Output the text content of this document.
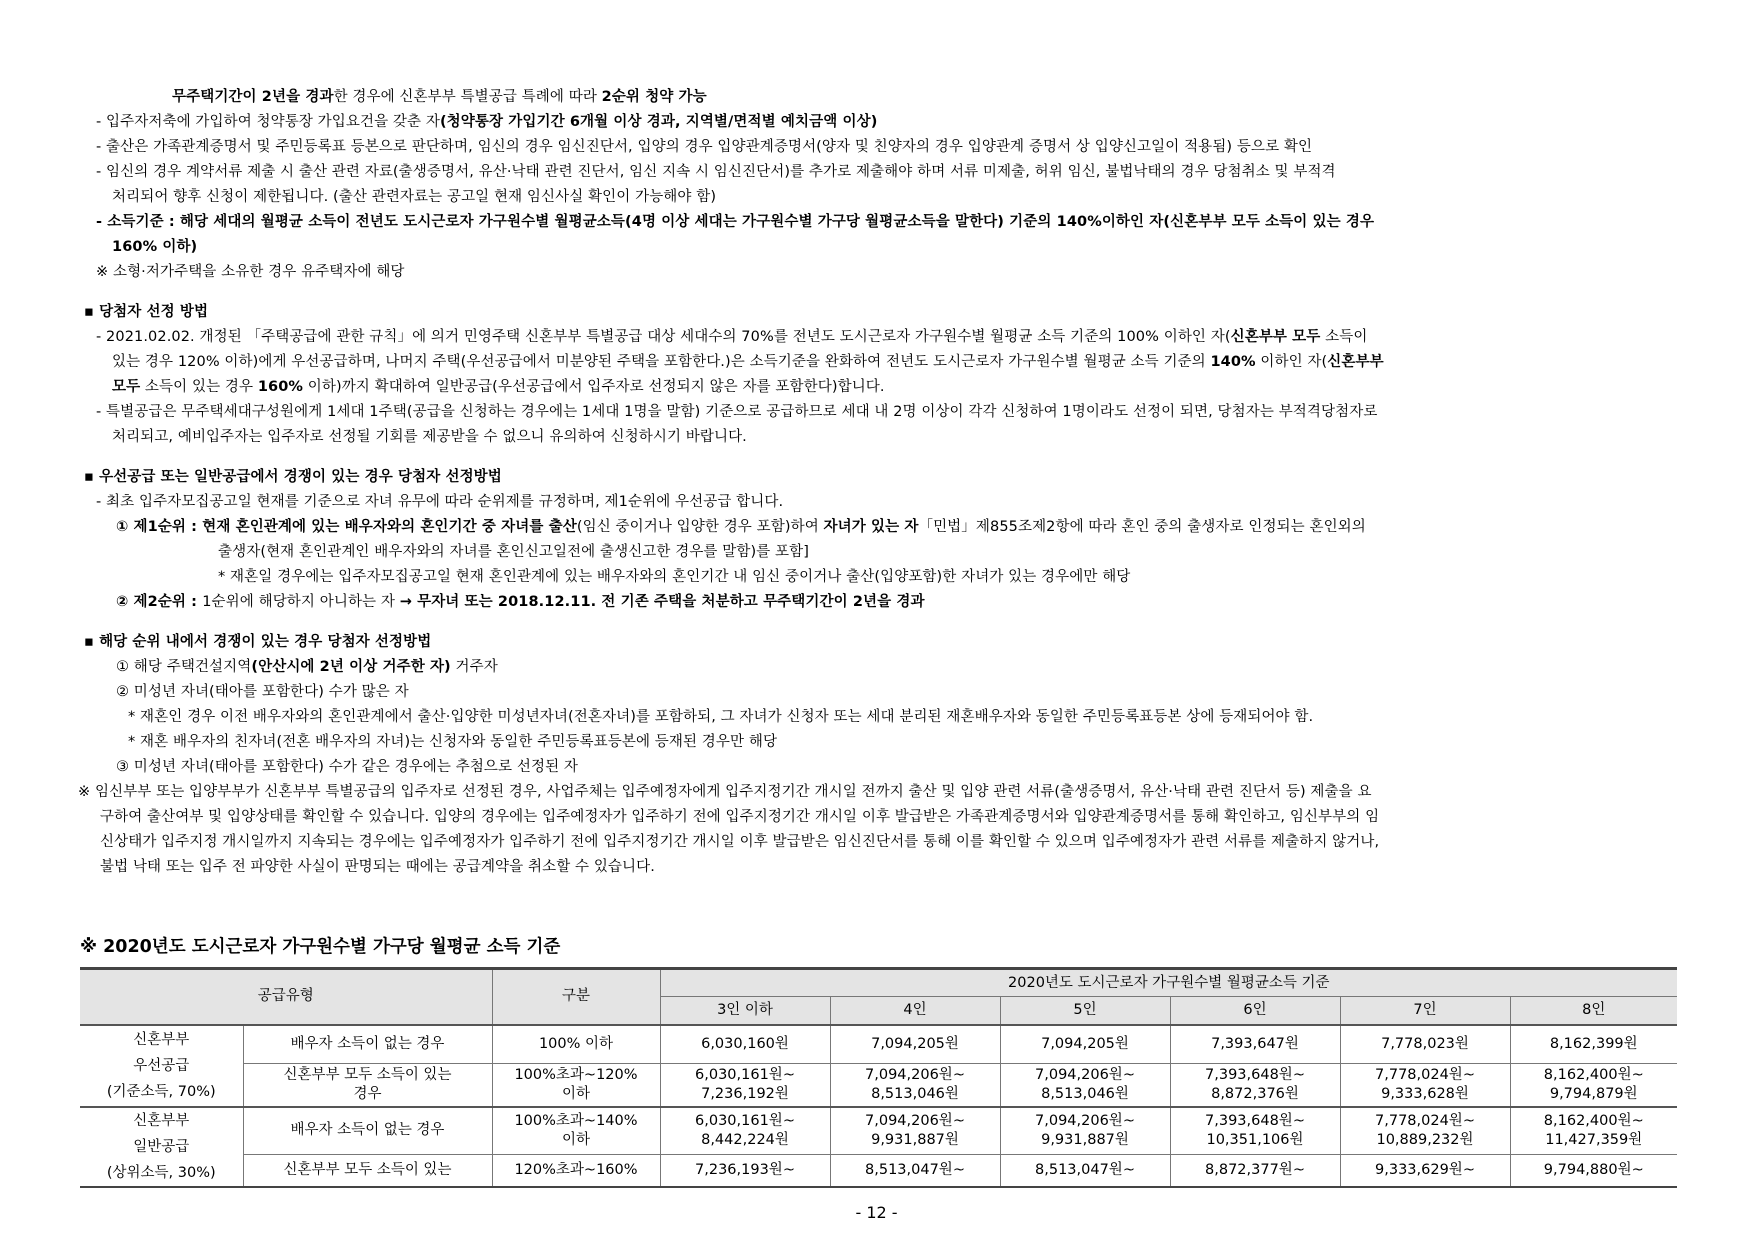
무주택기간이 2년을 경과한 경우에 신혼부부 특별공급 특례에 따라 2순위 청약 가능
- 입주자저축에 가입하여 청약통장 가입요건을 갖춘 자(청약통장 가입기간 6개월 이상 경과, 지역별/면적별 예치금액 이상)
- 출산은 가족관계증명서 및 주민등록표 등본으로 판단하며, 임신의 경우 임신진단서, 입양의 경우 입양관계증명서(양자 및 친양자의 경우 입양관계 증명서 상 입양신고일이 적용됨) 등으로 확인
- 임신의 경우 계약서류 제출 시 출산 관련 자료(출생증명서, 유산·낙태 관련 진단서, 임신 지속 시 임신진단서)를 추가로 제출해야 하며 서류 미제출, 허위 임신, 불법낙태의 경우 당첨취소 및 부적격
처리되어 향후 신청이 제한됩니다. (출산 관련자료는 공고일 현재 임신사실 확인이 가능해야 함)
- 소득기준 : 해당 세대의 월평균 소득이 전년도 도시근로자 가구원수별 월평균소득(4명 이상 세대는 가구원수별 가구당 월평균소득을 말한다) 기준의 140%이하인 자(신혼부부 모두 소득이 있는 경우
160% 이하)
※ 소형·저가주택을 소유한 경우 유주택자에 해당
▪ 당첨자 선정 방법
- 2021.02.02. 개정된 「주택공급에 관한 규칙」에 의거 민영주택 신혼부부 특별공급 대상 세대수의 70%를 전년도 도시근로자 가구원수별 월평균 소득 기준의 100% 이하인 자(신혼부부 모두 소득이
있는 경우 120% 이하)에게 우선공급하며, 나머지 주택(우선공급에서 미분양된 주택을 포함한다.)은 소득기준을 완화하여 전년도 도시근로자 가구원수별 월평균 소득 기준의 140% 이하인 자(신혼부부
모두 소득이 있는 경우 160% 이하)까지 확대하여 일반공급(우선공급에서 입주자로 선정되지 않은 자를 포함한다)합니다.
- 특별공급은 무주택세대구성원에게 1세대 1주택(공급을 신청하는 경우에는 1세대 1명을 말함) 기준으로 공급하므로 세대 내 2명 이상이 각각 신청하여 1명이라도 선정이 되면, 당첨자는 부적격당첨자로
처리되고, 예비입주자는 입주자로 선정될 기회를 제공받을 수 없으니 유의하여 신청하시기 바랍니다.
▪ 우선공급 또는 일반공급에서 경쟁이 있는 경우 당첨자 선정방법
- 최초 입주자모집공고일 현재를 기준으로 자녀 유무에 따라 순위제를 규정하며, 제1순위에 우선공급 합니다.
① 제1순위 : 현재 혼인관계에 있는 배우자와의 혼인기간 중 자녀를 출산(임신 중이거나 입양한 경우 포함)하여 자녀가 있는 자「민법」제855조제2항에 따라 혼인 중의 출생자로 인정되는 혼인외의
출생자(현재 혼인관계인 배우자와의 자녀를 혼인신고일전에 출생신고한 경우를 말함)를 포함]
* 재혼일 경우에는 입주자모집공고일 현재 혼인관계에 있는 배우자와의 혼인기간 내 임신 중이거나 출산(입양포함)한 자녀가 있는 경우에만 해당
② 제2순위 : 1순위에 해당하지 아니하는 자 → 무자녀 또는 2018.12.11. 전 기존 주택을 처분하고 무주택기간이 2년을 경과
▪ 해당 순위 내에서 경쟁이 있는 경우 당첨자 선정방법
① 해당 주택건설지역(안산시에 2년 이상 거주한 자) 거주자
② 미성년 자녀(태아를 포함한다) 수가 많은 자
* 재혼인 경우 이전 배우자와의 혼인관계에서 출산·입양한 미성년자녀(전혼자녀)를 포함하되, 그 자녀가 신청자 또는 세대 분리된 재혼배우자와 동일한 주민등록표등본 상에 등재되어야 함.
* 재혼 배우자의 친자녀(전혼 배우자의 자녀)는 신청자와 동일한 주민등록표등본에 등재된 경우만 해당
③ 미성년 자녀(태아를 포함한다) 수가 같은 경우에는 추첨으로 선정된 자
※ 임신부부 또는 입양부부가 신혼부부 특별공급의 입주자로 선정된 경우, 사업주체는 입주예정자에게 입주지정기간 개시일 전까지 출산 및 입양 관련 서류(출생증명서, 유산·낙태 관련 진단서 등) 제출을 요
구하여 출산여부 및 입양상태를 확인할 수 있습니다. 입양의 경우에는 입주예정자가 입주하기 전에 입주지정기간 개시일 이후 발급받은 가족관계증명서와 입양관계증명서를 통해 확인하고, 임신부부의 임
신상태가 입주지정 개시일까지 지속되는 경우에는 입주예정자가 입주하기 전에 입주지정기간 개시일 이후 발급받은 임신진단서를 통해 이를 확인할 수 있으며 입주예정자가 관련 서류를 제출하지 않거나,
불법 낙태 또는 입주 전 파양한 사실이 판명되는 때에는 공급계약을 취소할 수 있습니다.
※ 2020년도 도시근로자 가구원수별 가구당 월평균 소득 기준
공급유형		구분	2020년도 도시근로자 가구원수별 월평균소득 기준					
			3인 이하	4인	5인	6인	7인	8인
신혼부부
우선공급
(기준소득, 70%)	배우자 소득이 없는 경우	100% 이하	6,030,160원	7,094,205원	7,094,205원	7,393,647원	7,778,023원	8,162,399원
	신혼부부 모두 소득이 있는
경우	100%초과~120%
이하	6,030,161원~
7,236,192원	7,094,206원~
8,513,046원	7,094,206원~
8,513,046원	7,393,648원~
8,872,376원	7,778,024원~
9,333,628원	8,162,400원~
9,794,879원
신혼부부
일반공급
(상위소득, 30%)	배우자 소득이 없는 경우	100%초과~140%
이하	6,030,161원~
8,442,224원	7,094,206원~
9,931,887원	7,094,206원~
9,931,887원	7,393,648원~
10,351,106원	7,778,024원~
10,889,232원	8,162,400원~
11,427,359원
	신혼부부 모두 소득이 있는	120%초과~160%	7,236,193원~	8,513,047원~	8,513,047원~	8,872,377원~	9,333,629원~	9,794,880원~
- 12 -
